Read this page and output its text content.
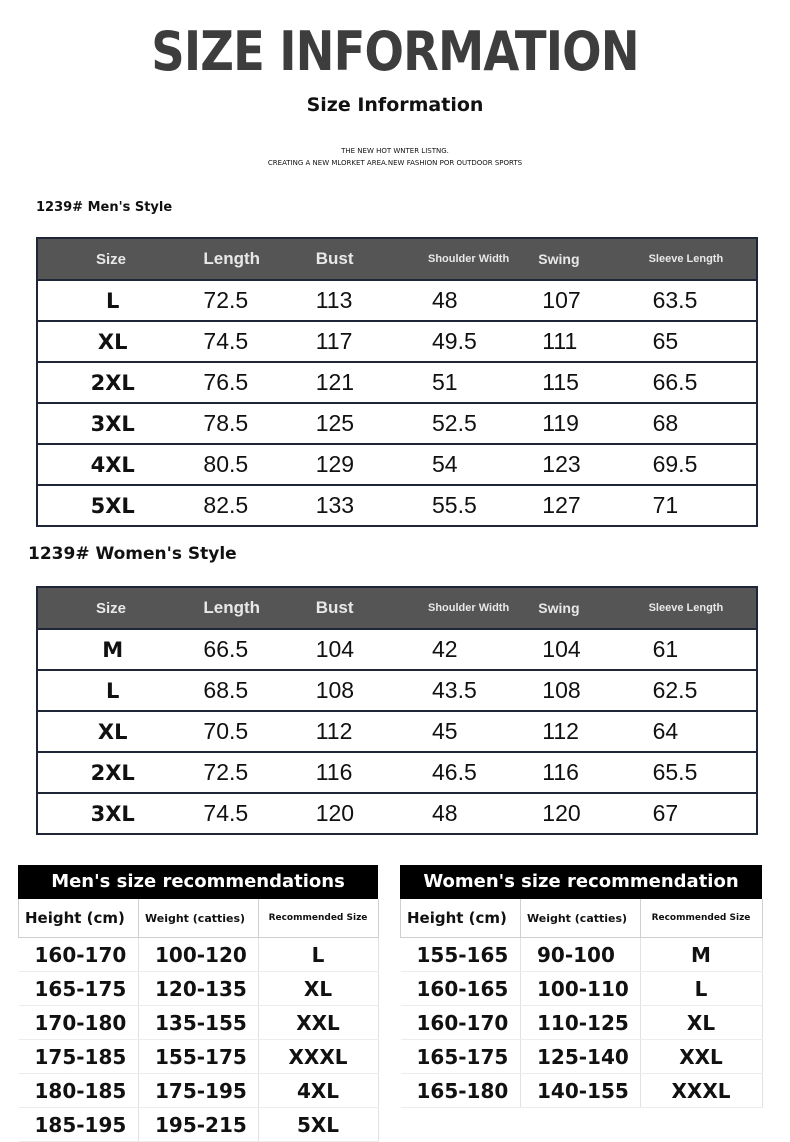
SIZE INFORMATION
Size Information
THE NEW HOT WNTER LISTNG.
CREATING A NEW MLORKET AREA.NEW FASHION POR OUTDOOR SPORTS
1239# Men's Style
Size	Length	Bust	Shoulder Width	Swing	Sleeve Length
L	72.5	113	48	107	63.5
XL	74.5	117	49.5	111	65
2XL	76.5	121	51	115	66.5
3XL	78.5	125	52.5	119	68
4XL	80.5	129	54	123	69.5
5XL	82.5	133	55.5	127	71
1239# Women's Style
Size	Length	Bust	Shoulder Width	Swing	Sleeve Length
M	66.5	104	42	104	61
L	68.5	108	43.5	108	62.5
XL	70.5	112	45	112	64
2XL	72.5	116	46.5	116	65.5
3XL	74.5	120	48	120	67
Men's size recommendations	Women's size recommendation
Height (cm)	Weight (catties)	Recommended Size
160-170	100-120	L
165-175	120-135	XL
170-180	135-155	XXL
175-185	155-175	XXXL
180-185	175-195	4XL
185-195	195-215	5XL
Height (cm)	Weight (catties)	Recommended Size
155-165	90-100	M
160-165	100-110	L
160-170	110-125	XL
165-175	125-140	XXL
165-180	140-155	XXXL
